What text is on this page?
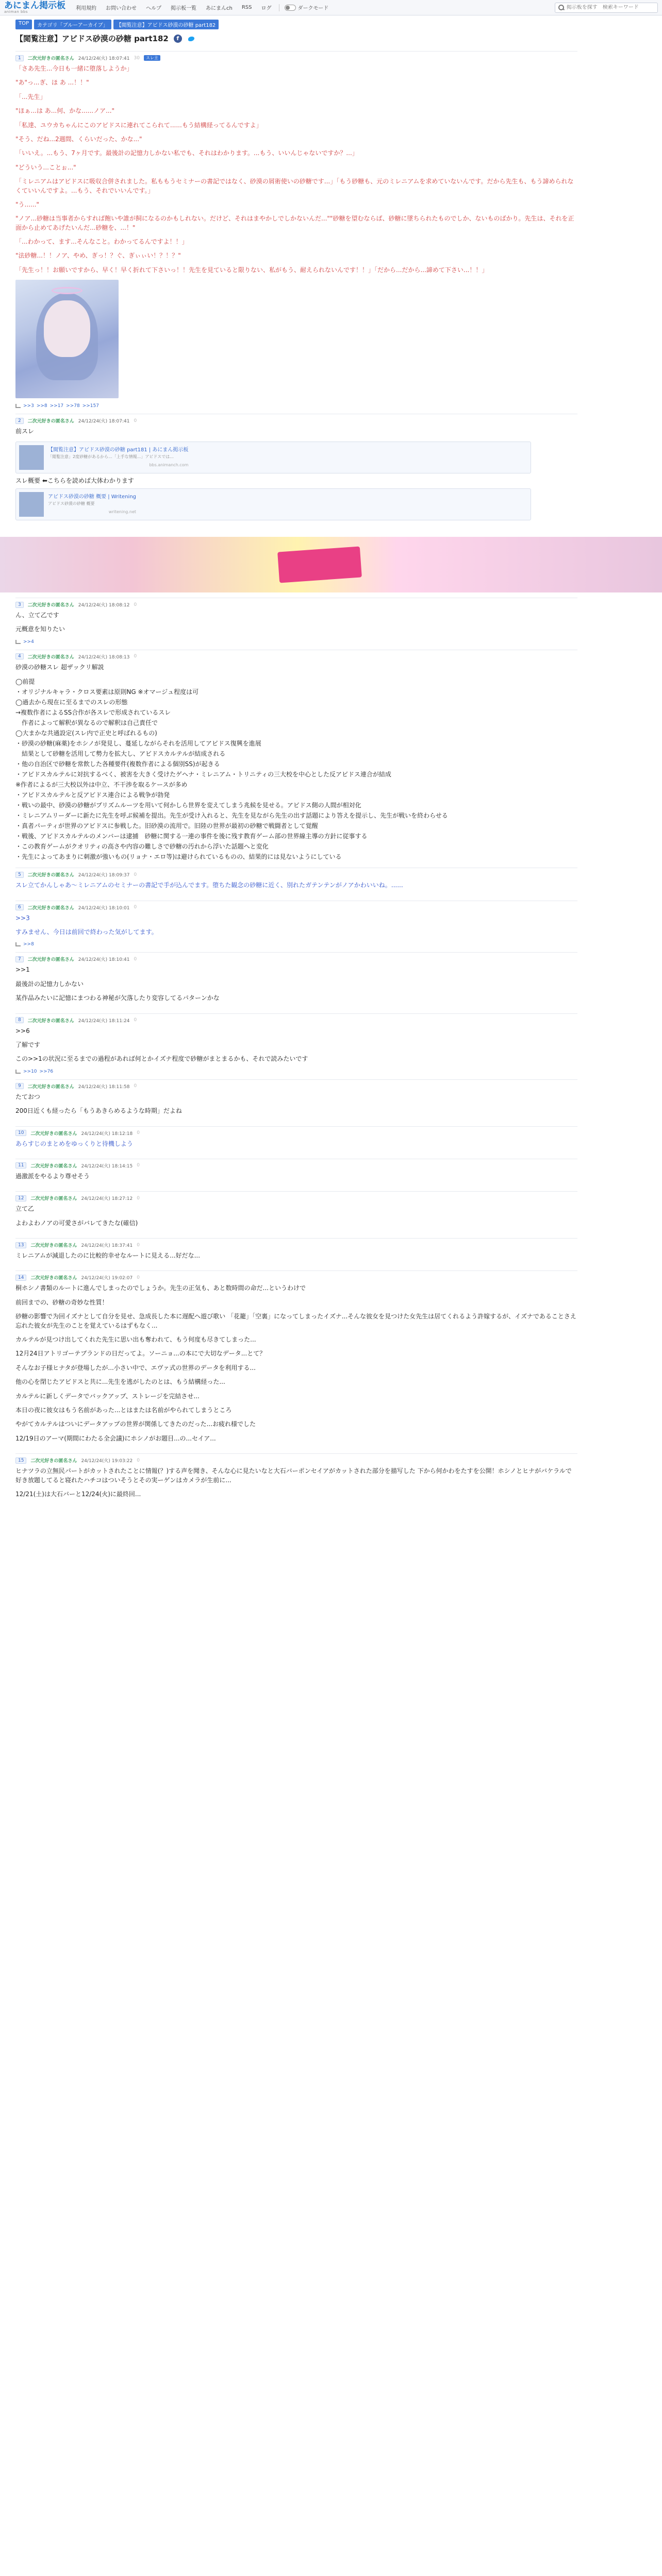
あにまん掲示板
animan bbs
利用規約	お問い合わせ	ヘルプ	掲示板一覧	あにまんch	RSS	ログ	ダークモード
掲示板を探す　検索キーワード
TOP	カテゴリ「ブルーアーカイブ」	【閲覧注意】アビドス砂漠の砂糖 part182
【閲覧注意】アビドス砂漠の砂糖 part182	f
1	二次元好きの匿名さん 24/12/24(火) 18:07:41 30	スレ主

「さあ先生...今日も一緒に堕落しようか」

"あ"っ...ぎ、ほ あ ...！！"

「...先生」

"ほぁ...は あ...何、かな......ノア..."

「私達、ユウカちゃんにこのアビドスに連れてこられて......もう結構経ってるんですよ」

"そう、だね...2週間、くらいだった、かな..."

「いいえ。...もう、7ヶ月です。最後計の記憶力しかない私でも、それはわかります。...もう、いいんじゃないですか？...」

"どういう...ことぉ..."

「ミレニアムはアビドスに吸収合併されました。私ももうセミナーの書記ではなく、砂漠の屑術使いの砂糖です...」「もう砂糖も、元のミレニアムを求めていないんです。だから先生も、もう諦められなくていいんですよ。...もう、それでいいんです。」

"う......"

"ノア...砂糖は当事者からすれば飽いや誰が飼になるのかもしれない。だけど、それはまやかしでしかないんだ...""砂糖を望むならば、砂糖に墜ちられたものでしか、ないものばかり。先生は、それを正面から止めてあげたいんだ...砂糖を、...！"

「...わかって、ます...そんなこと。わかってるんですよ！！」

"法砂糖...！！ノア、やめ、ぎっ！？ぐ、ぎぃぃい！？！？"

「先生っ！！お願いですから、早く！早く折れて下さいっ！！先生を見ていると限りない、私がもう、耐えられないんです！！」「だから...だから...諦めて下さい...！！」

>>3 >>8 >>17 >>78 >>157
2	二次元好きの匿名さん 24/12/24(火) 18:07:41 0

前スレ

【閲覧注意】アビドス砂漠の砂糖 part181 | あにまん掲示板
「閲覧注意」2度砂糖があるから...「上手な情報...」アビドスでは...
bbs.animanch.com

スレ概要 ⬅こちらを読めば大体わかります

アビドス砂漠の砂糖 概要 | Writening
アビドス砂漠の砂糖 概要
writening.net
3	二次元好きの匿名さん 24/12/24(火) 18:08:12 0

ん、立て乙です

元概意を知りたい

>>4
4	二次元好きの匿名さん 24/12/24(火) 18:08:13 0

砂漠の砂糖スレ 超ザックリ解説

◯前提

・オリジナルキャラ・クロス要素は原則NG ※オマージュ程度は可

◯過去から現在に至るまでのスレの形態

→複数作者によるSS合作が各スレで形成されているスレ

　作者によって解釈が異なるので解釈は自己責任で

◯大まかな共通設定(スレ内で正史と呼ばれるもの)

・砂漠の砂糖(麻薬)をホシノが発見し、蔓延しながらそれを活用してアビドス復興を進展

　結果として砂糖を活用して勢力を拡大し、アビドスカルテルが結成される

・他の自治区で砂糖を常飲した各種要件(複数作者による個別SS)が起きる

・アビドスカルテルに対抗するべく、被害を大きく受けたゲヘナ・ミレニアム・トリニティの三大校を中心とした反アビドス連合が結成

※作者によるが三大校以外は中立、不干渉を取るケースが多め

・アビドスカルテルと反アビドス連合による戦争が勃発

・戦いの最中、砂漠の砂糖がプリズムルーツを用いて何かしら世界を変えてしまう兆候を見せる。アビドス側の人間が相対化

・ミレニアムリーダーに新たに先生を呼ぶ候補を提出。先生が受け入れると、先生を見ながら先生の出す話題により答えを提示し、先生が戦いを終わらせる

・真者パーティが世界のアビドスに参戦した。旧砂漠の流用で。旧陸の世界が最初の砂糖で戦闘者として覚醒

・戦後、アビドスカルテルのメンバーは逮捕　砂糖に関する一連の事件を後に残す教育ゲーム部の世界線主導の方針に従事する

・この教育ゲームがクオリティの高さや内容の難しさで砂糖の汚れから浮いた話題へと変化

・先生によってあまりに刺激が強いもの(リョナ・エロ等)は避けられているものの、結果的には見ないようにしている

5	二次元好きの匿名さん 24/12/24(火) 18:09:37 0

スレ立てかんしゃあ～ミレニアムのセミナーの書記で手が込んでます。堕ちた観念の砂糖に近く、別れたガテンテンがノアかわいいね。......

6	二次元好きの匿名さん 24/12/24(火) 18:10:01 0

>>3

すみません、今日は前回で終わった気がしてます。

>>8
7	二次元好きの匿名さん 24/12/24(火) 18:10:41 0

>>1

最後計の記憶力しかない

某作品みたいに記憶にまつわる神秘が欠落したり変容してるパターンかな

8	二次元好きの匿名さん 24/12/24(火) 18:11:24 0

>>6

了解です

この>>1の状況に至るまでの過程があれば何とかイズナ程度で砂糖がまとまるかも、それで読みたいです

>>10 >>76
9	二次元好きの匿名さん 24/12/24(火) 18:11:58 0

たておつ

200日近くも経ったら「もうあきらめるような時期」だよね

10	二次元好きの匿名さん 24/12/24(火) 18:12:18 0

あらすじのまとめをゆっくりと待機しよう

11	二次元好きの匿名さん 24/12/24(火) 18:14:15 0

過激派をやるより尊せそう

12	二次元好きの匿名さん 24/12/24(火) 18:27:12 0

立て乙

よわよわノアの可愛さがバレてきたな(確信)

13	二次元好きの匿名さん 24/12/24(火) 18:37:41 0

ミレニアムが減退したのに比較的幸せなルートに見える...好だな...

14	二次元好きの匿名さん 24/12/24(火) 19:02:07 0

桐ホシノ書類のルートに進んでしまったのでしょうか。先生の正気も、あと数時間の命だ...というわけで

前回までの、砂糖の奇妙な性質！

砂糖の影響で为回イズナとして自分を見せ、急成長した本に遅配へ遊び歌い 「花籠」「空裏」になってしまったイズナ...そんな彼女を見つけた女先生は居てくれるよう許嫁するが、イズナであることさえ忘れた彼女が先生のことを覚えているはずもなく...

カルテルが見つけ出してくれた先生に思い出も奪われて、もう何度も尽きてしまった...

12月24日アトリゴーテブランドの日だってよ。ソーニョ...の本にで大切なデータ...とて？

そんなお子様ヒナタが登場したが...小さい中で、エヴァ式の世界のデータを利用する...

他の心を閉じたアビドスと共に...先生を逃がしたのとは、もう結構経った...

カルテルに新しくデータでバックアップ、ストレージを完結させ...

本日の夜に彼女はもう名前があった...とはまたは名前がやられてしまうところ

やがてカルテルはついにデータアップの世界が関係してきたのだった...お疲れ様でした

12/19日のアーマ(期間にわたる全会議)にホシノがお題目...の...セイア...

15	二次元好きの匿名さん 24/12/24(火) 19:03:22 0

ヒナツラの立無民パートがカットされたことに情報(？)する声を聞き、そんな心に見たいなと大石バーポンセイアがカットされた部分を描写した 下から何かわをたすを公開！ホシノとヒナがバケラルで好き放題してると寝れたハチコはついそうとその実ーゲンはカメラが生前に...

12/21(土)は大石バーと12/24(火)に最終回...
